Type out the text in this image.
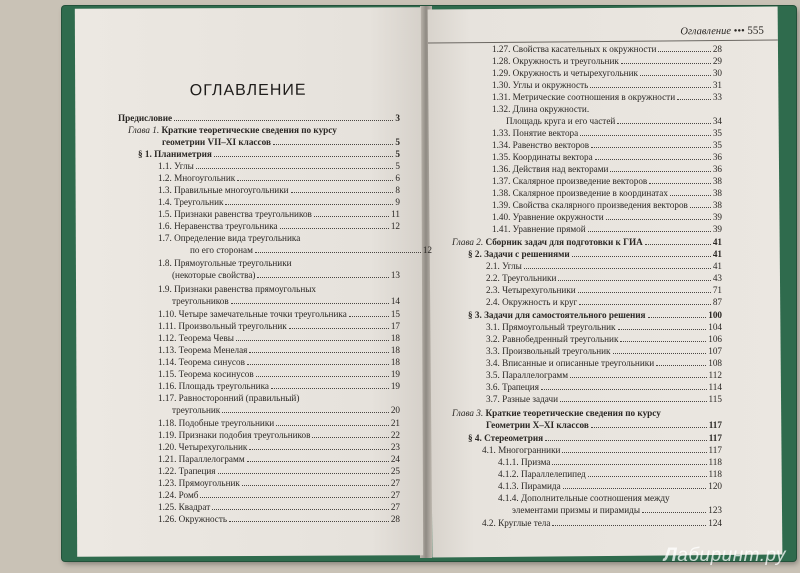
ОГЛАВЛЕНИЕ
Оглавление ••• 555
Предисловие	3
Глава 1. Краткие теоретические сведения по курсу
геометрии VII–XI классов	5
§ 1. Планиметрия	5
1.1. Углы	5
1.2. Многоугольник	6
1.3. Правильные многоугольники	8
1.4. Треугольник	9
1.5. Признаки равенства треугольников	11
1.6. Неравенства треугольника	12
1.7. Определение вида треугольника
по его сторонам	12
1.8. Прямоугольные треугольники
(некоторые свойства)	13
1.9. Признаки равенства прямоугольных
треугольников	14
1.10. Четыре замечательные точки треугольника	15
1.11. Произвольный треугольник	17
1.12. Теорема Чевы	18
1.13. Теорема Менелая	18
1.14. Теорема синусов	18
1.15. Теорема косинусов	19
1.16. Площадь треугольника	19
1.17. Равносторонний (правильный)
треугольник	20
1.18. Подобные треугольники	21
1.19. Признаки подобия треугольников	22
1.20. Четырехугольник	23
1.21. Параллелограмм	24
1.22. Трапеция	25
1.23. Прямоугольник	27
1.24. Ромб	27
1.25. Квадрат	27
1.26. Окружность	28
1.27. Свойства касательных к окружности	28
1.28. Окружность и треугольник	29
1.29. Окружность и четырехугольник	30
1.30. Углы и окружность	31
1.31. Метрические соотношения в окружности	33
1.32. Длина окружности.
Площадь круга и его частей	34
1.33. Понятие вектора	35
1.34. Равенство векторов	35
1.35. Координаты вектора	36
1.36. Действия над векторами	36
1.37. Скалярное произведение векторов	38
1.38. Скалярное произведение в координатах	38
1.39. Свойства скалярного произведения векторов	38
1.40. Уравнение окружности	39
1.41. Уравнение прямой	39
Глава 2. Сборник задач для подготовки к ГИА	41
§ 2. Задачи с решениями	41
2.1. Углы	41
2.2. Треугольники	43
2.3. Четырехугольники	71
2.4. Окружность и круг	87
§ 3. Задачи для самостоятельного решения	100
3.1. Прямоугольный треугольник	104
3.2. Равнобедренный треугольник	106
3.3. Произвольный треугольник	107
3.4. Вписанные и описанные треугольники	108
3.5. Параллелограмм	112
3.6. Трапеция	114
3.7. Разные задачи	115
Глава 3. Краткие теоретические сведения по курсу
Геометрии X–XI классов	117
§ 4. Стереометрия	117
4.1. Многогранники	117
4.1.1. Призма	118
4.1.2. Параллелепипед	118
4.1.3. Пирамида	120
4.1.4. Дополнительные соотношения между
элементами призмы и пирамиды	123
4.2. Круглые тела	124
Лабиринт.ру
